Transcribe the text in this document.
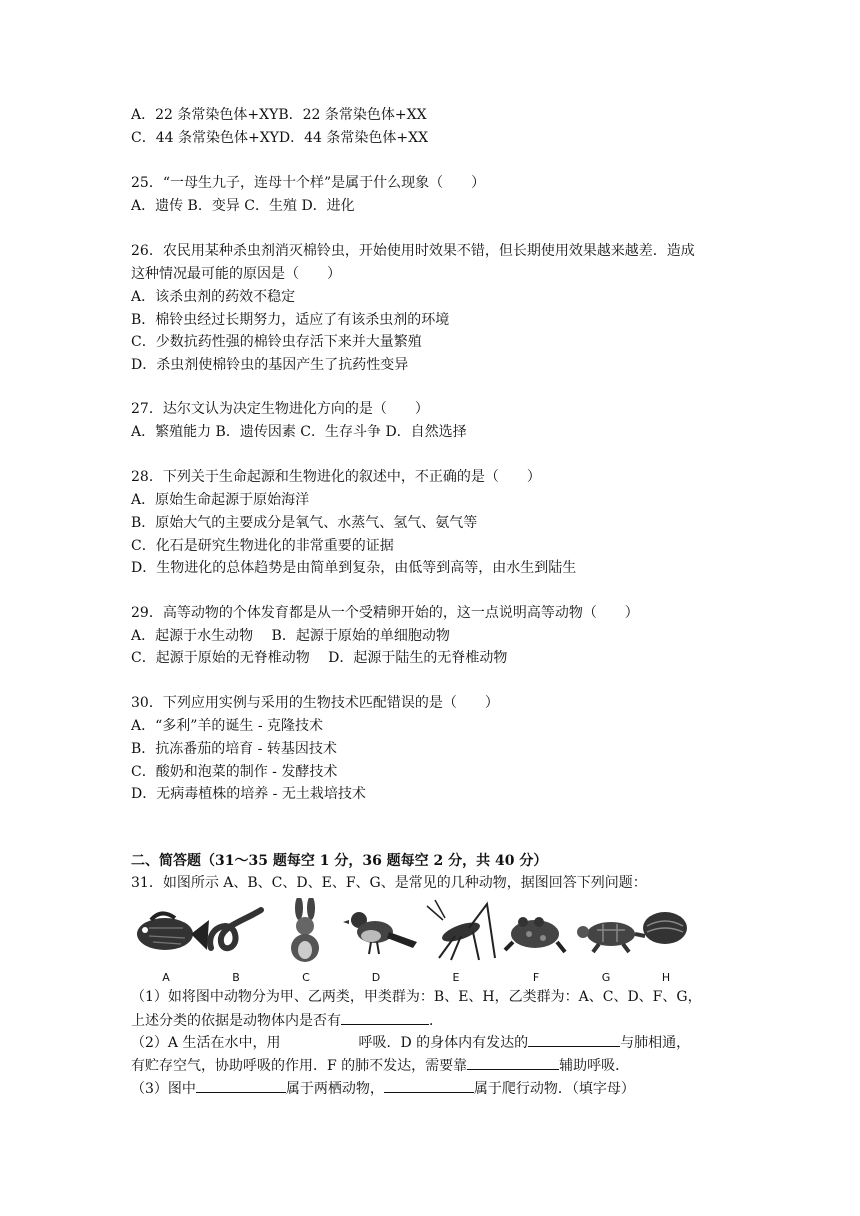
A．22 条常染色体+XYB．22 条常染色体+XX
C．44 条常染色体+XYD．44 条常染色体+XX
25．“一母生九子，连母十个样”是属于什么现象（　　）
A．遗传 B．变异 C．生殖 D．进化
26．农民用某种杀虫剂消灭棉铃虫，开始使用时效果不错，但长期使用效果越来越差．造成
这种情况最可能的原因是（　　）
A．该杀虫剂的药效不稳定
B．棉铃虫经过长期努力，适应了有该杀虫剂的环境
C．少数抗药性强的棉铃虫存活下来并大量繁殖
D．杀虫剂使棉铃虫的基因产生了抗药性变异
27．达尔文认为决定生物进化方向的是（　　）
A．繁殖能力 B．遗传因素 C．生存斗争 D．自然选择
28．下列关于生命起源和生物进化的叙述中，不正确的是（　　）
A．原始生命起源于原始海洋
B．原始大气的主要成分是氧气、水蒸气、氢气、氨气等
C．化石是研究生物进化的非常重要的证据
D．生物进化的总体趋势是由简单到复杂，由低等到高等，由水生到陆生
29．高等动物的个体发育都是从一个受精卵开始的，这一点说明高等动物（　　）
A．起源于水生动物　 B．起源于原始的单细胞动物
C．起源于原始的无脊椎动物　 D．起源于陆生的无脊椎动物
30．下列应用实例与采用的生物技术匹配错误的是（　　）
A．“多利”羊的诞生 - 克隆技术
B．抗冻番茄的培育 - 转基因技术
C．酸奶和泡菜的制作 - 发酵技术
D．无病毒植株的培养 - 无土栽培技术
二、简答题（31～35 题每空 1 分，36 题每空 2 分，共 40 分）
31．如图所示 A、B、C、D、E、F、G、是常见的几种动物，据图回答下列问题：
A	B	C	D	E	F	G	H
（1）如将图中动物分为甲、乙两类，甲类群为：B、E、H，乙类群为：A、C、D、F、G，
上述分类的依据是动物体内是否有	．
（2）A 生活在水中，用	呼吸．D 的身体内有发达的	与肺相通，
有贮存空气，协助呼吸的作用．F 的肺不发达，需要靠	辅助呼吸．
（3）图中	属于两栖动物，	属于爬行动物．（填字母）
